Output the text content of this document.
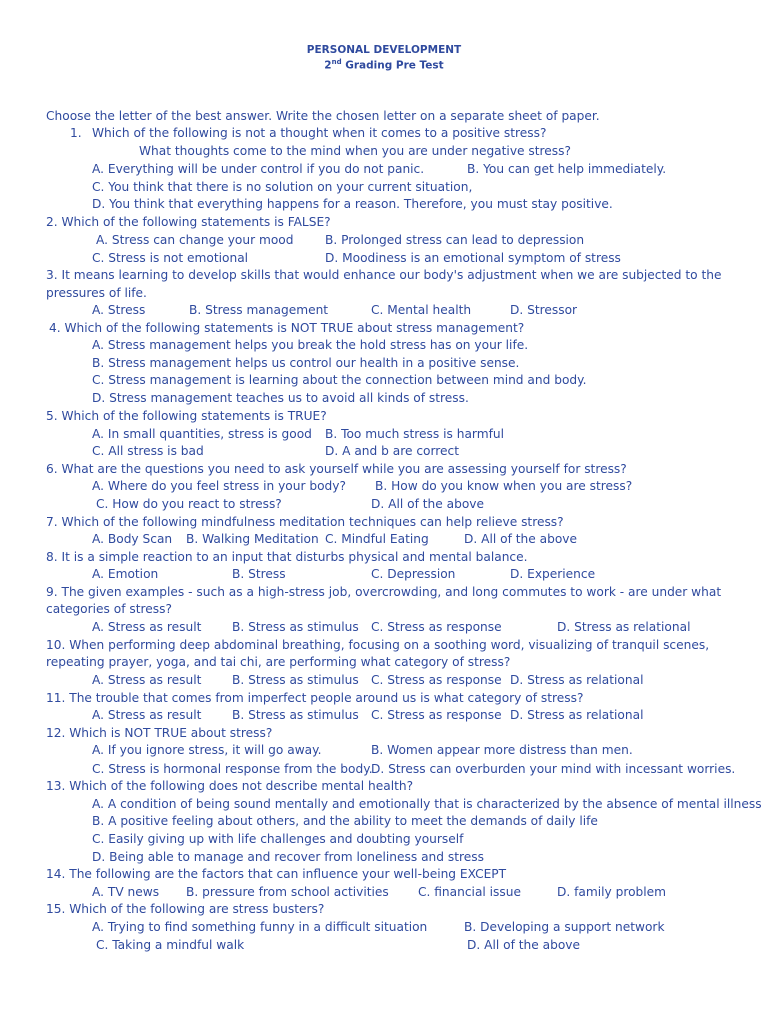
PERSONAL DEVELOPMENT
2nd Grading Pre Test
Choose the letter of the best answer. Write the chosen letter on a separate sheet of paper.
1. Which of the following is not a thought when it comes to a positive stress?
What thoughts come to the mind when you are under negative stress?
A. Everything will be under control if you do not panic.	B. You can get help immediately.
C. You think that there is no solution on your current situation,
D. You think that everything happens for a reason. Therefore, you must stay positive.
2. Which of the following statements is FALSE?
A. Stress can change your mood	B. Prolonged stress can lead to depression
C. Stress is not emotional	D. Moodiness is an emotional symptom of stress
3. It means learning to develop skills that would enhance our body's adjustment when we are subjected to the
pressures of life.
A. Stress	B. Stress management	C. Mental health	D. Stressor
4. Which of the following statements is NOT TRUE about stress management?
A. Stress management helps you break the hold stress has on your life.
B. Stress management helps us control our health in a positive sense.
C. Stress management is learning about the connection between mind and body.
D. Stress management teaches us to avoid all kinds of stress.
5. Which of the following statements is TRUE?
A. In small quantities, stress is good B. Too much stress is harmful
C. All stress is bad	D. A and b are correct
6. What are the questions you need to ask yourself while you are assessing yourself for stress?
A. Where do you feel stress in your body? B. How do you know when you are stress?
C. How do you react to stress?	D. All of the above
7. Which of the following mindfulness meditation techniques can help relieve stress?
A. Body Scan B. Walking Meditation C. Mindful Eating	D. All of the above
8. It is a simple reaction to an input that disturbs physical and mental balance.
A. Emotion	B. Stress	C. Depression	D. Experience
9. The given examples - such as a high-stress job, overcrowding, and long commutes to work - are under what
categories of stress?
A. Stress as result	B. Stress as stimulus C. Stress as response	D. Stress as relational
10. When performing deep abdominal breathing, focusing on a soothing word, visualizing of tranquil scenes,
repeating prayer, yoga, and tai chi, are performing what category of stress?
A. Stress as result	B. Stress as stimulus C. Stress as response D. Stress as relational
11. The trouble that comes from imperfect people around us is what category of stress?
A. Stress as result	B. Stress as stimulus C. Stress as response D. Stress as relational
12. Which is NOT TRUE about stress?
A. If you ignore stress, it will go away.	B. Women appear more distress than men.
C. Stress is hormonal response from the body.
D. Stress can overburden your mind with incessant worries.
13. Which of the following does not describe mental health?
A. A condition of being sound mentally and emotionally that is characterized by the absence of mental illness
B. A positive feeling about others, and the ability to meet the demands of daily life
C. Easily giving up with life challenges and doubting yourself
D. Being able to manage and recover from loneliness and stress
14. The following are the factors that can influence your well-being EXCEPT
A. TV news B. pressure from school activities C. financial issue	D. family problem
15. Which of the following are stress busters?
A. Trying to find something funny in a difficult situation	B. Developing a support network
C. Taking a mindful walk	D. All of the above
